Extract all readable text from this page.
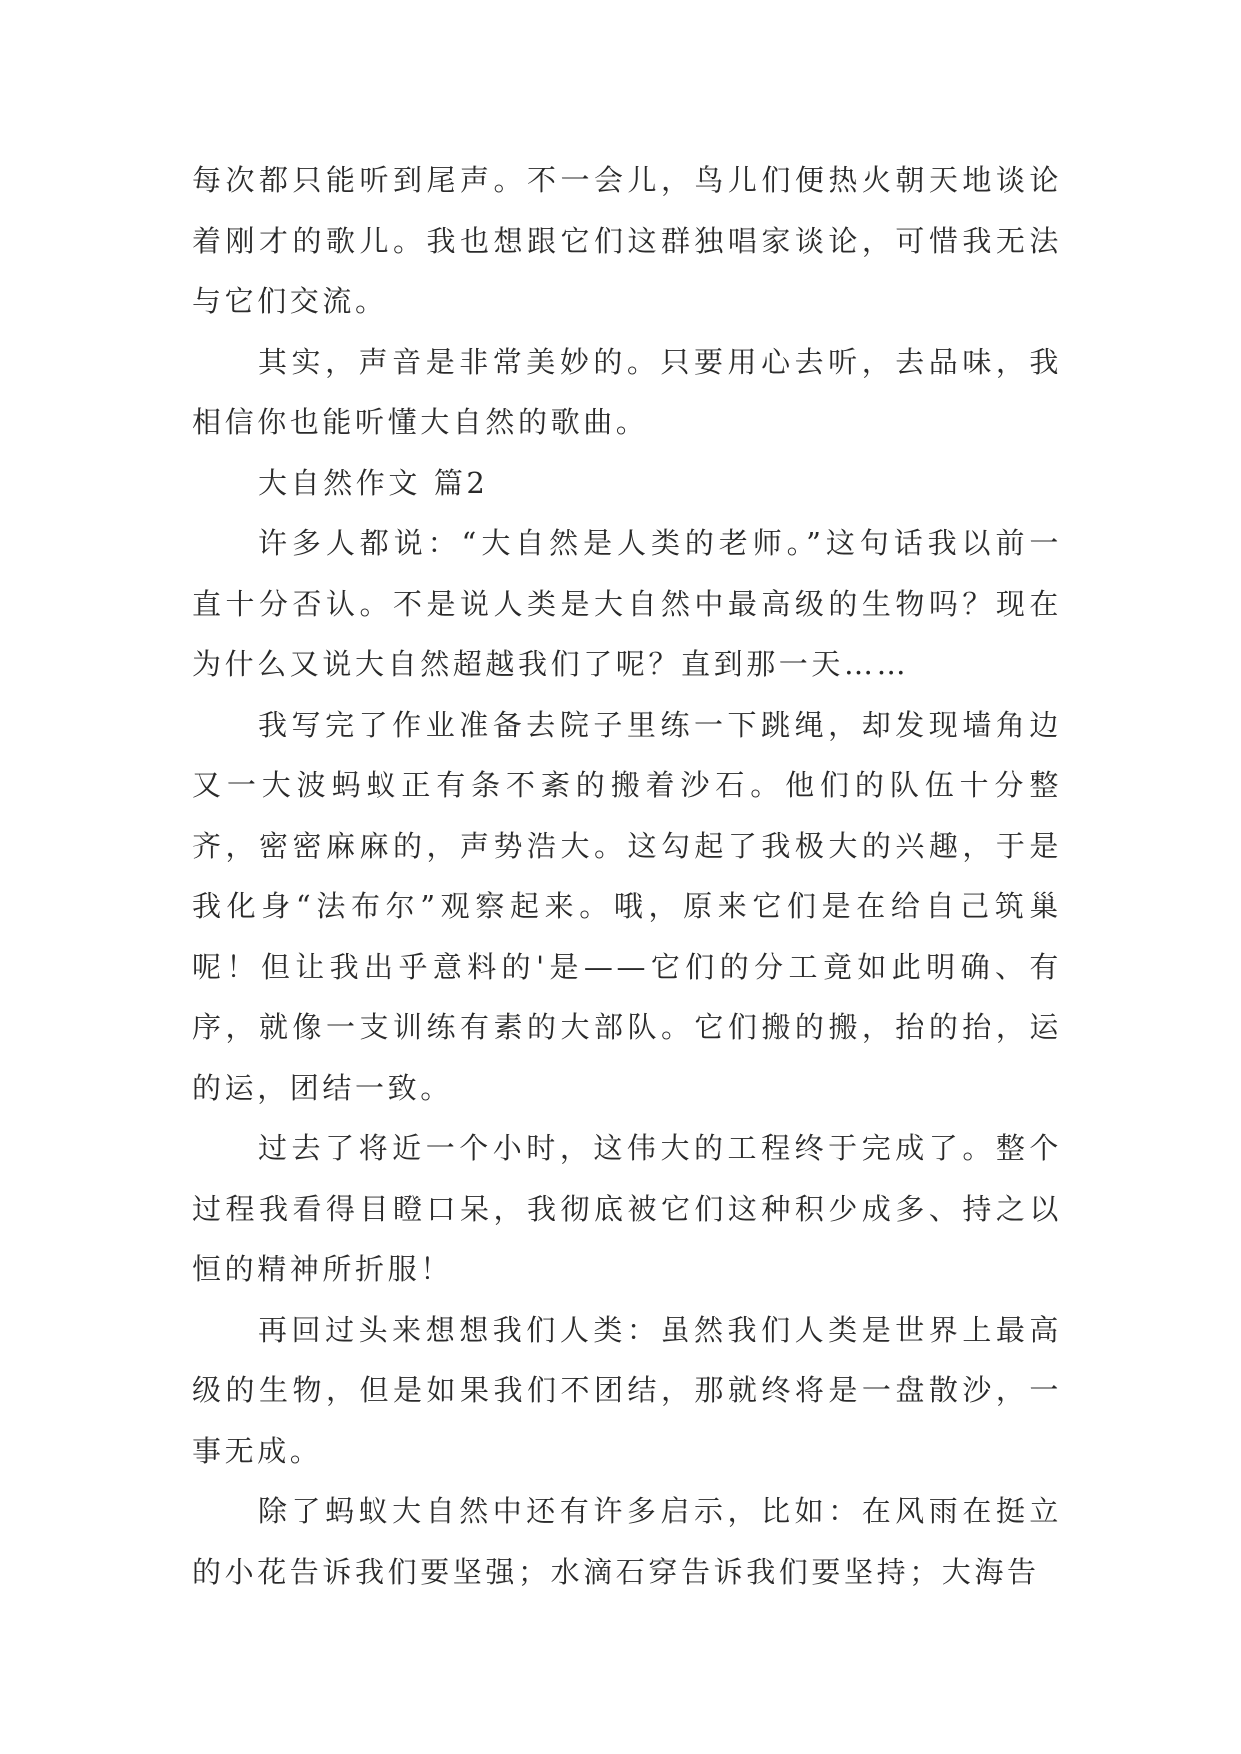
每次都只能听到尾声。不一会儿，鸟儿们便热火朝天地谈论着刚才的歌儿。我也想跟它们这群独唱家谈论，可惜我无法与它们交流。

其实，声音是非常美妙的。只要用心去听，去品味，我相信你也能听懂大自然的歌曲。

大自然作文 篇2

许多人都说：“大自然是人类的老师。”这句话我以前一直十分否认。不是说人类是大自然中最高级的生物吗？现在为什么又说大自然超越我们了呢？直到那一天……

我写完了作业准备去院子里练一下跳绳，却发现墙角边又一大波蚂蚁正有条不紊的搬着沙石。他们的队伍十分整齐，密密麻麻的，声势浩大。这勾起了我极大的兴趣，于是我化身“法布尔”观察起来。哦，原来它们是在给自己筑巢呢！但让我出乎意料的'是——它们的分工竟如此明确、有序，就像一支训练有素的大部队。它们搬的搬，抬的抬，运的运，团结一致。

过去了将近一个小时，这伟大的工程终于完成了。整个过程我看得目瞪口呆，我彻底被它们这种积少成多、持之以恒的精神所折服！

再回过头来想想我们人类：虽然我们人类是世界上最高级的生物，但是如果我们不团结，那就终将是一盘散沙，一事无成。

除了蚂蚁大自然中还有许多启示，比如：在风雨在挺立的小花告诉我们要坚强；水滴石穿告诉我们要坚持；大海告
